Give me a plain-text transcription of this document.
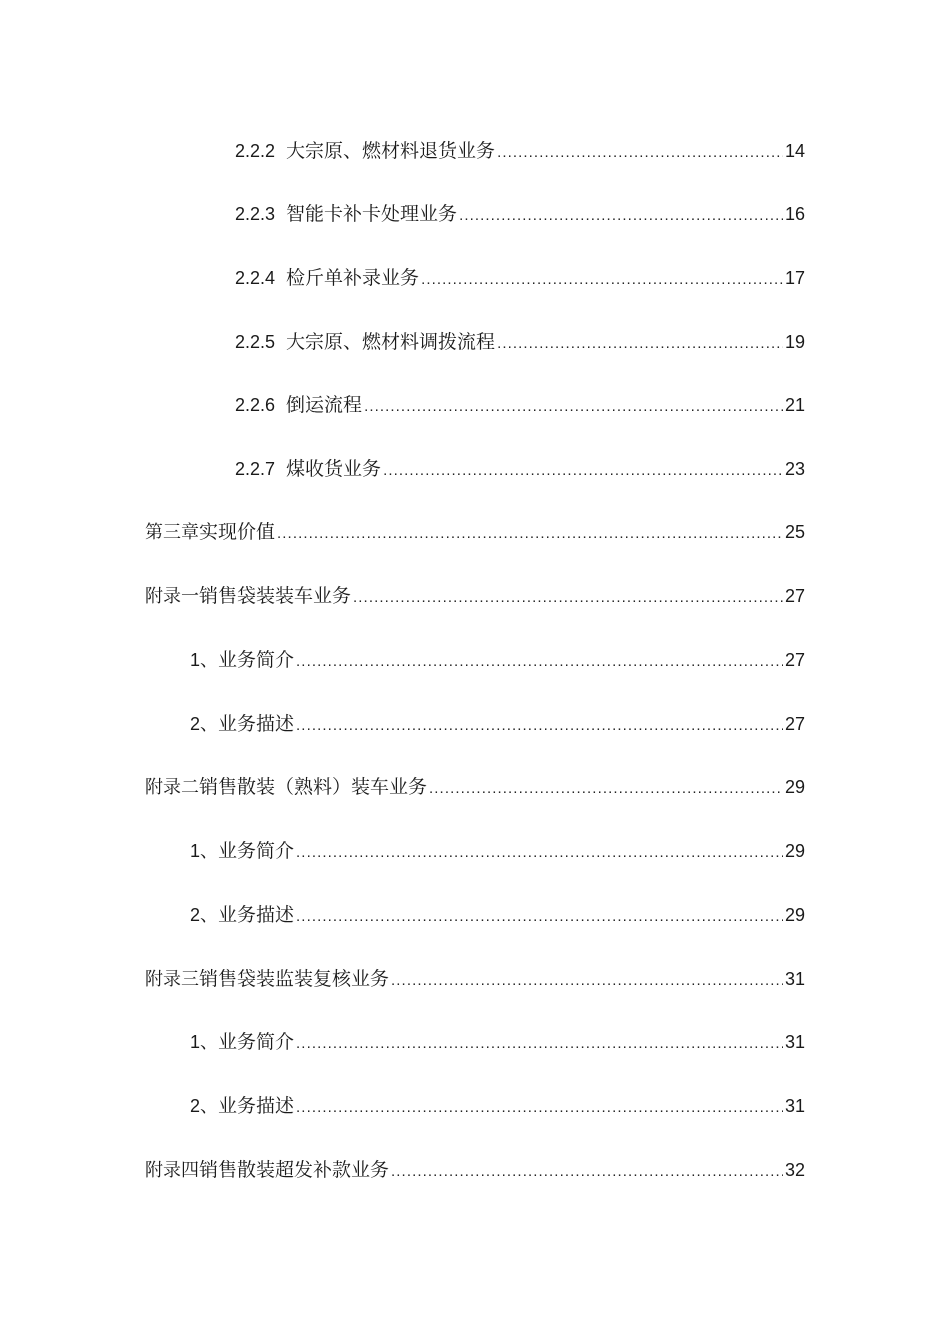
2.2.2 大宗原、燃材料退货业务 .....	14
2.2.3 智能卡补卡处理业务 .....	16
2.2.4 检斤单补录业务 .....	17
2.2.5 大宗原、燃材料调拨流程 .....	19
2.2.6 倒运流程 .....	21
2.2.7 煤收货业务 .....	23
第三章 实现价值 .....	25
附录一 销售袋装装车业务 .....	27
1、 业务简介 .....	27
2、 业务描述 .....	27
附录二 销售散装（熟料）装车业务 .....	29
1、 业务简介 .....	29
2、 业务描述 .....	29
附录三 销售袋装监装复核业务 .....	31
1、 业务简介 .....	31
2、 业务描述 .....	31
附录四 销售散装超发补款业务 .....	32
